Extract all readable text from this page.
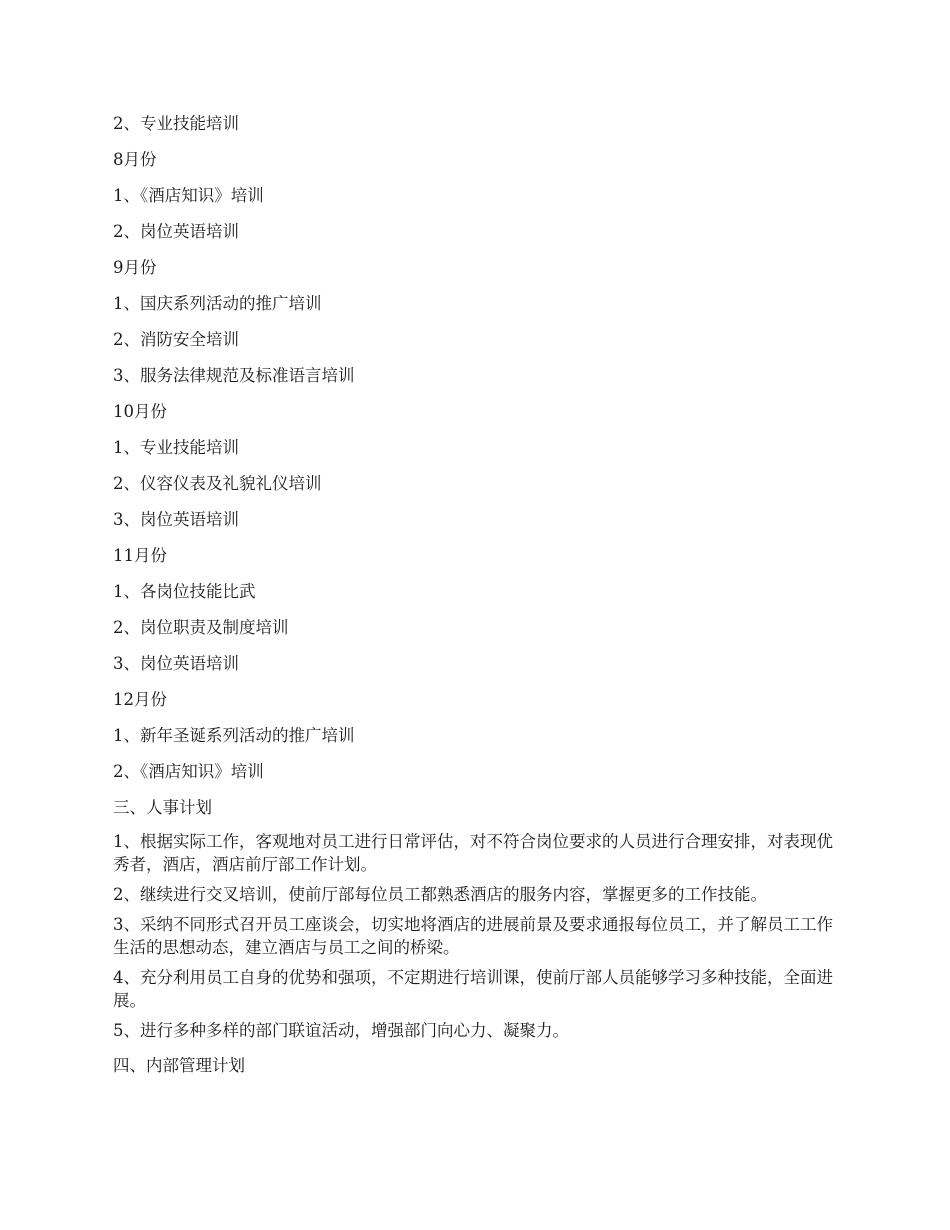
2、专业技能培训

8月份

1、《酒店知识》培训

2、岗位英语培训

9月份

1、国庆系列活动的推广培训

2、消防安全培训

3、服务法律规范及标准语言培训

10月份

1、专业技能培训

2、仪容仪表及礼貌礼仪培训

3、岗位英语培训

11月份

1、各岗位技能比武

2、岗位职责及制度培训

3、岗位英语培训

12月份

1、新年圣诞系列活动的推广培训

2、《酒店知识》培训

三、人事计划

1、根据实际工作，客观地对员工进行日常评估，对不符合岗位要求的人员进行合理安排，对表现优秀者，酒店，酒店前厅部工作计划。

2、继续进行交叉培训，使前厅部每位员工都熟悉酒店的服务内容，掌握更多的工作技能。

3、采纳不同形式召开员工座谈会，切实地将酒店的进展前景及要求通报每位员工，并了解员工工作生活的思想动态，建立酒店与员工之间的桥梁。

4、充分利用员工自身的优势和强项，不定期进行培训课，使前厅部人员能够学习多种技能，全面进展。

5、进行多种多样的部门联谊活动，增强部门向心力、凝聚力。

四、内部管理计划
